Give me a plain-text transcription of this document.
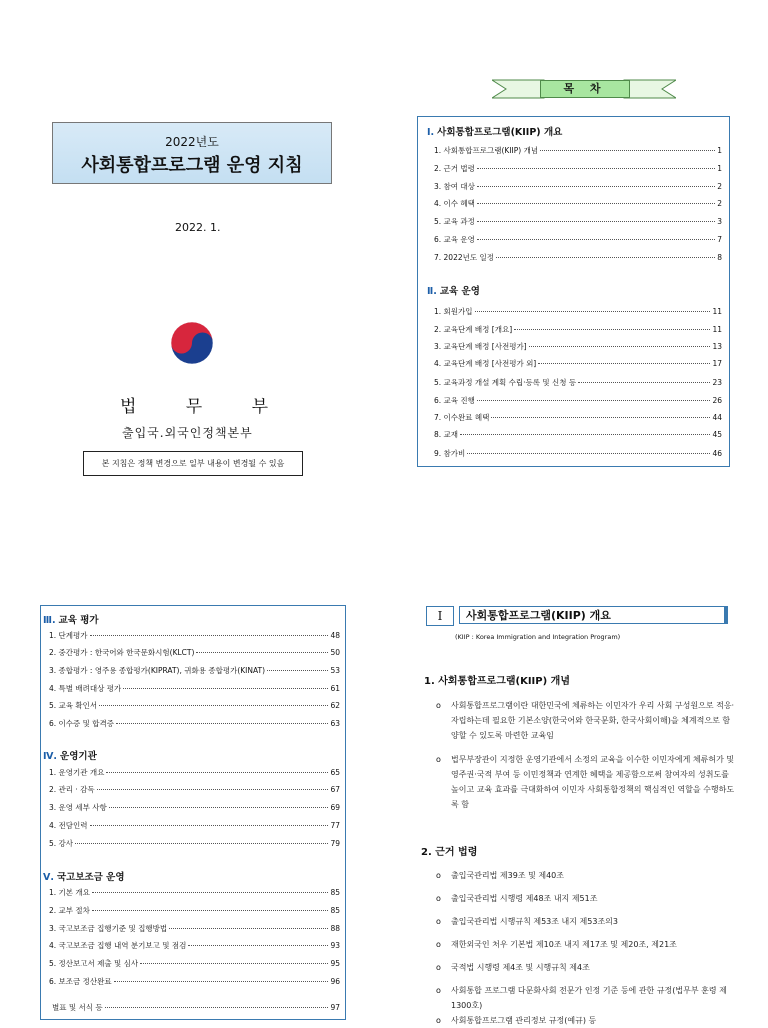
2022년도
사회통합프로그램 운영 지침
2022. 1.
법	무	부
출입국.외국인정책본부
본 지침은 정책 변경으로 일부 내용이 변경될 수 있음
목 차
Ⅰ. 사회통합프로그램(KIIP) 개요
1. 사회통합프로그램(KIIP) 개념	1
2. 근거 법령	1
3. 참여 대상	2
4. 이수 혜택	2
5. 교육 과정	3
6. 교육 운영	7
7. 2022년도 일정	8
Ⅱ. 교육 운영
1. 회원가입	11
2. 교육단계 배정 [개요]	11
3. 교육단계 배정 [사전평가]	13
4. 교육단계 배정 [사전평가 외]	17
5. 교육과정 개설 계획 수립·등록 및 신청 등	23
6. 교육 진행	26
7. 이수완료 혜택	44
8. 교재	45
9. 참가비	46
Ⅲ. 교육 평가
1. 단계평가	48
2. 중간평가 : 한국어와 한국문화시험(KLCT)	50
3. 종합평가 : 영주용 종합평가(KIPRAT), 귀화용 종합평가(KINAT)	53
4. 특별 배려대상 평가	61
5. 교육 확인서	62
6. 이수증 및 합격증	63
Ⅳ. 운영기관
1. 운영기관 개요	65
2. 관리 · 감독	67
3. 운영 세부 사항	69
4. 전담인력	77
5. 강사	79
Ⅴ. 국고보조금 운영
1. 기본 개요	85
2. 교부 절차	85
3. 국고보조금 집행기준 및 집행방법	88
4. 국고보조금 집행 내역 분기보고 및 점검	93
5. 정산보고서 제출 및 심사	95
6. 보조금 정산완료	96
별표 및 서식 등	97
I	사회통합프로그램(KIIP) 개요
(KIIP : Korea Immigration and Integration Program)
1. 사회통합프로그램(KIIP) 개념
o	사회통합프로그램이란 대한민국에 체류하는 이민자가 우리 사회 구성원으로 적응·자립하는데 필요한 기본소양(한국어와 한국문화, 한국사회이해)을 체계적으로 함양할 수 있도록 마련한 교육임
o	법무부장관이 지정한 운영기관에서 소정의 교육을 이수한 이민자에게 체류허가 및 영주권·국적 부여 등 이민정책과 연계한 혜택을 제공함으로써 참여자의 성취도를 높이고 교육 효과를 극대화하여 이민자 사회통합정책의 핵심적인 역할을 수행하도록 함
2. 근거 법령
o	출입국관리법 제39조 및 제40조
o	출입국관리법 시행령 제48조 내지 제51조
o	출입국관리법 시행규칙 제53조 내지 제53조의3
o	재한외국인 처우 기본법 제10조 내지 제17조 및 제20조, 제21조
o	국적법 시행령 제4조 및 시행규칙 제4조
o	사회통합 프로그램 다문화사회 전문가 인정 기준 등에 관한 규정(법무부 훈령 제1300호)
o	사회통합프로그램 관리정보 규정(예규) 등
